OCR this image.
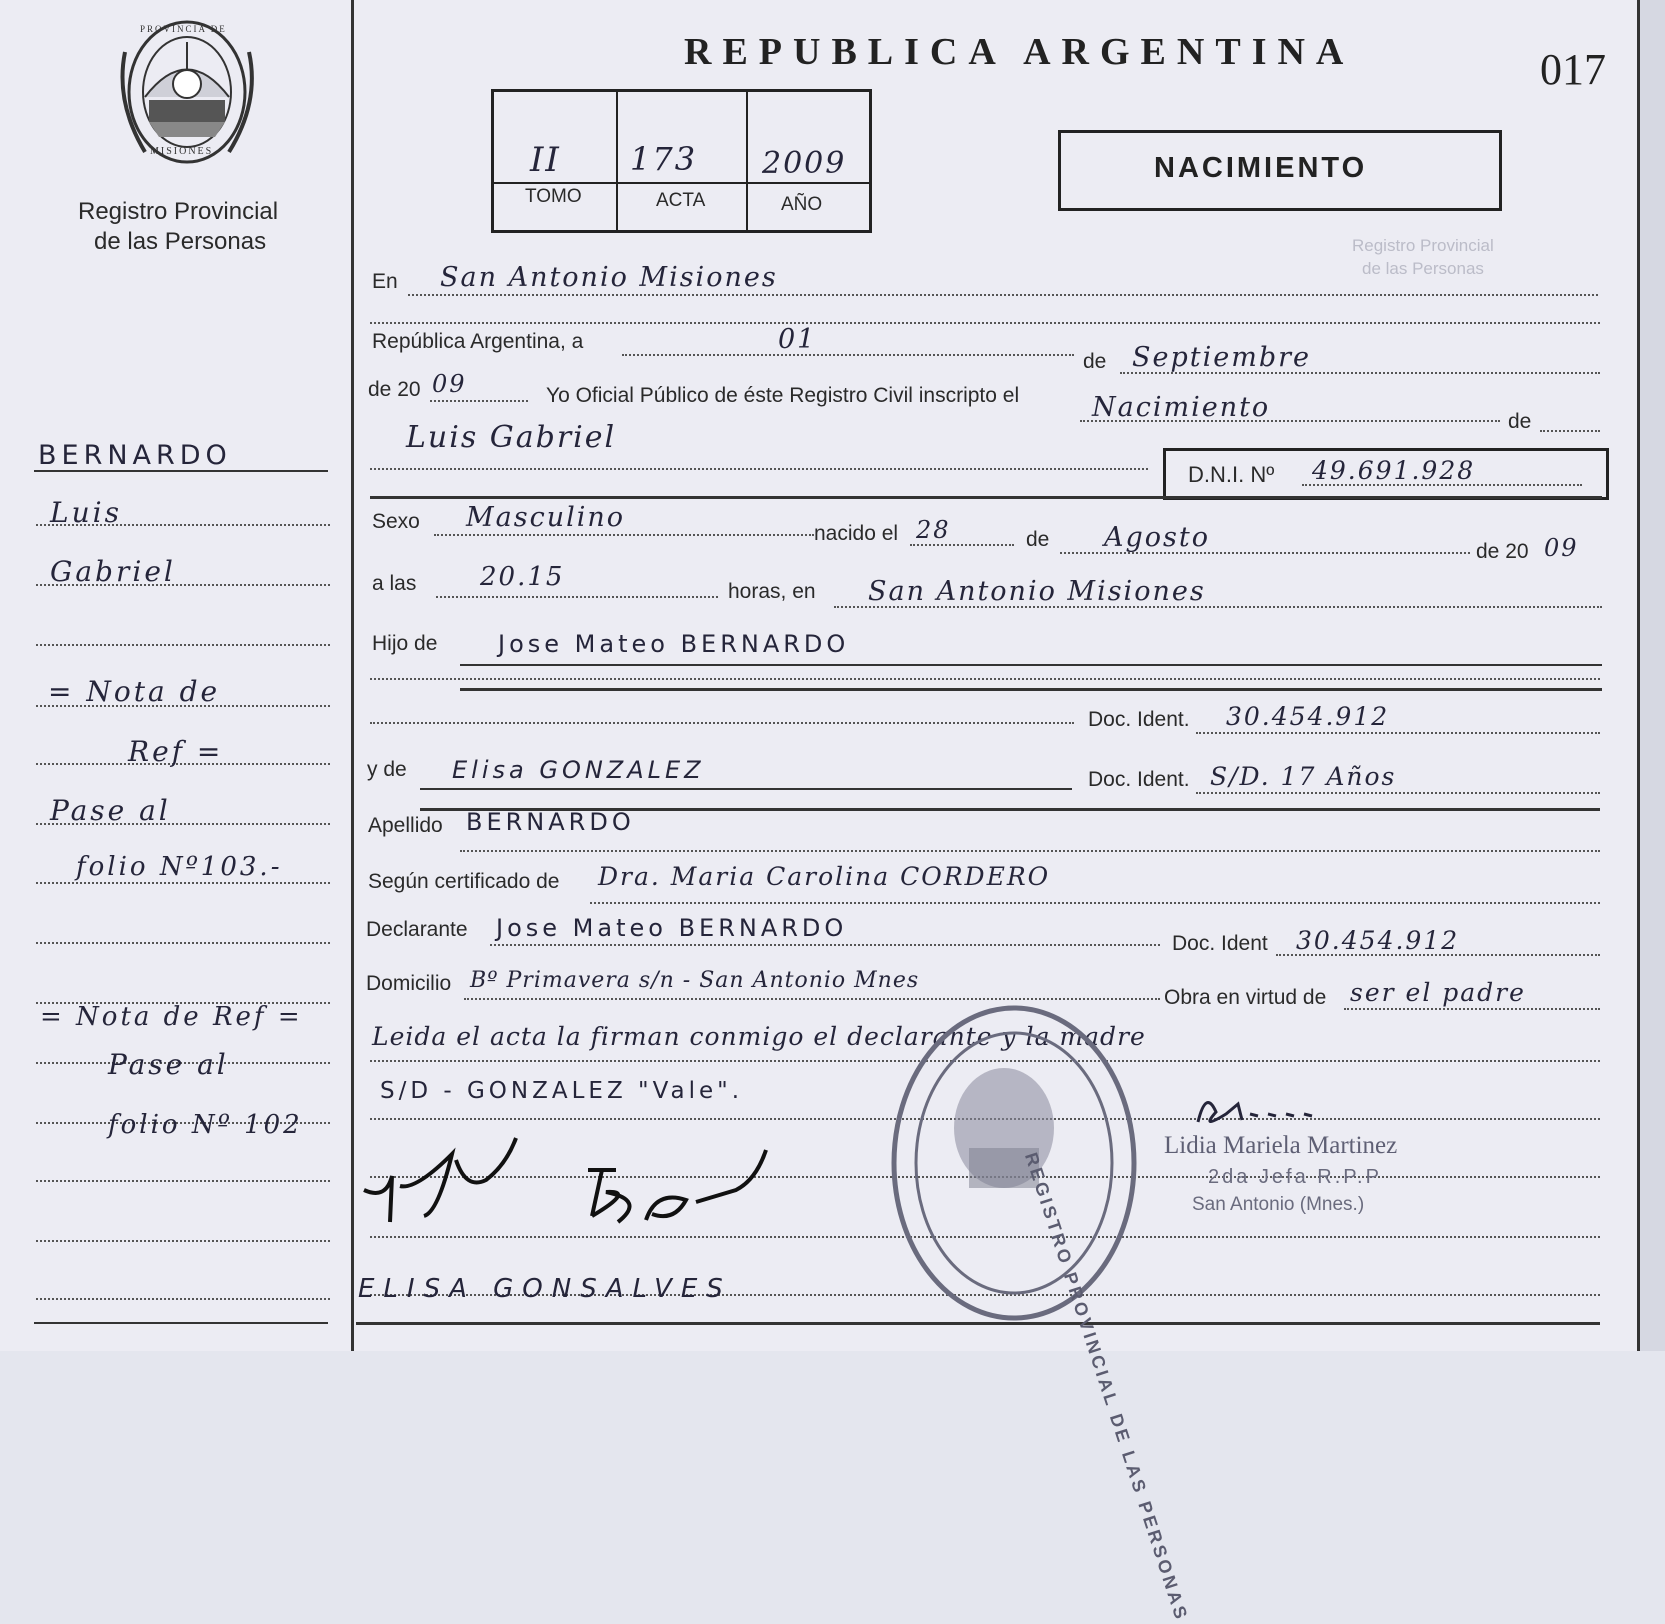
Registro Provincial
de las Personas
PROVINCIA DE
MISIONES
Registro Provincial
de las Personas
REPUBLICA ARGENTINA	017
II 173 2009
TOMO	ACTA	AÑO
NACIMIENTO
BERNARDO
Luis
Gabriel
= Nota de
Ref =
Pase al
folio Nº103.-
= Nota de Ref =
Pase al
folio Nº 102
En San Antonio Misiones
República Argentina, a	01
de Septiembre
de 20 09	Yo Oficial Público de éste Registro Civil inscripto el	Nacimiento	de
Luis Gabriel
D.N.I. Nº 49.691.928
Sexo Masculino
nacido el 28	de Agosto	de 20 09
a las 20.15	horas, en San Antonio Misiones
Hijo de	Jose Mateo BERNARDO
Doc. Ident. 30.454.912
y de Elisa GONZALEZ	Doc. Ident. S/D. 17 Años
Apellido BERNARDO
Según certificado de Dra. Maria Carolina CORDERO
Declarante Jose Mateo BERNARDO
Doc. Ident 30.454.912
Domicilio Bº Primavera s/n - San Antonio Mnes
Obra en virtud de ser el padre
Leida el acta la firman conmigo el declarante y la madre
S/D - GONZALEZ "Vale".
REGISTRO PROVINCIAL DE LAS PERSONAS
Lidia Mariela Martinez
2da Jefa R.P.P
San Antonio (Mnes.)
ELISA GONSALVES
